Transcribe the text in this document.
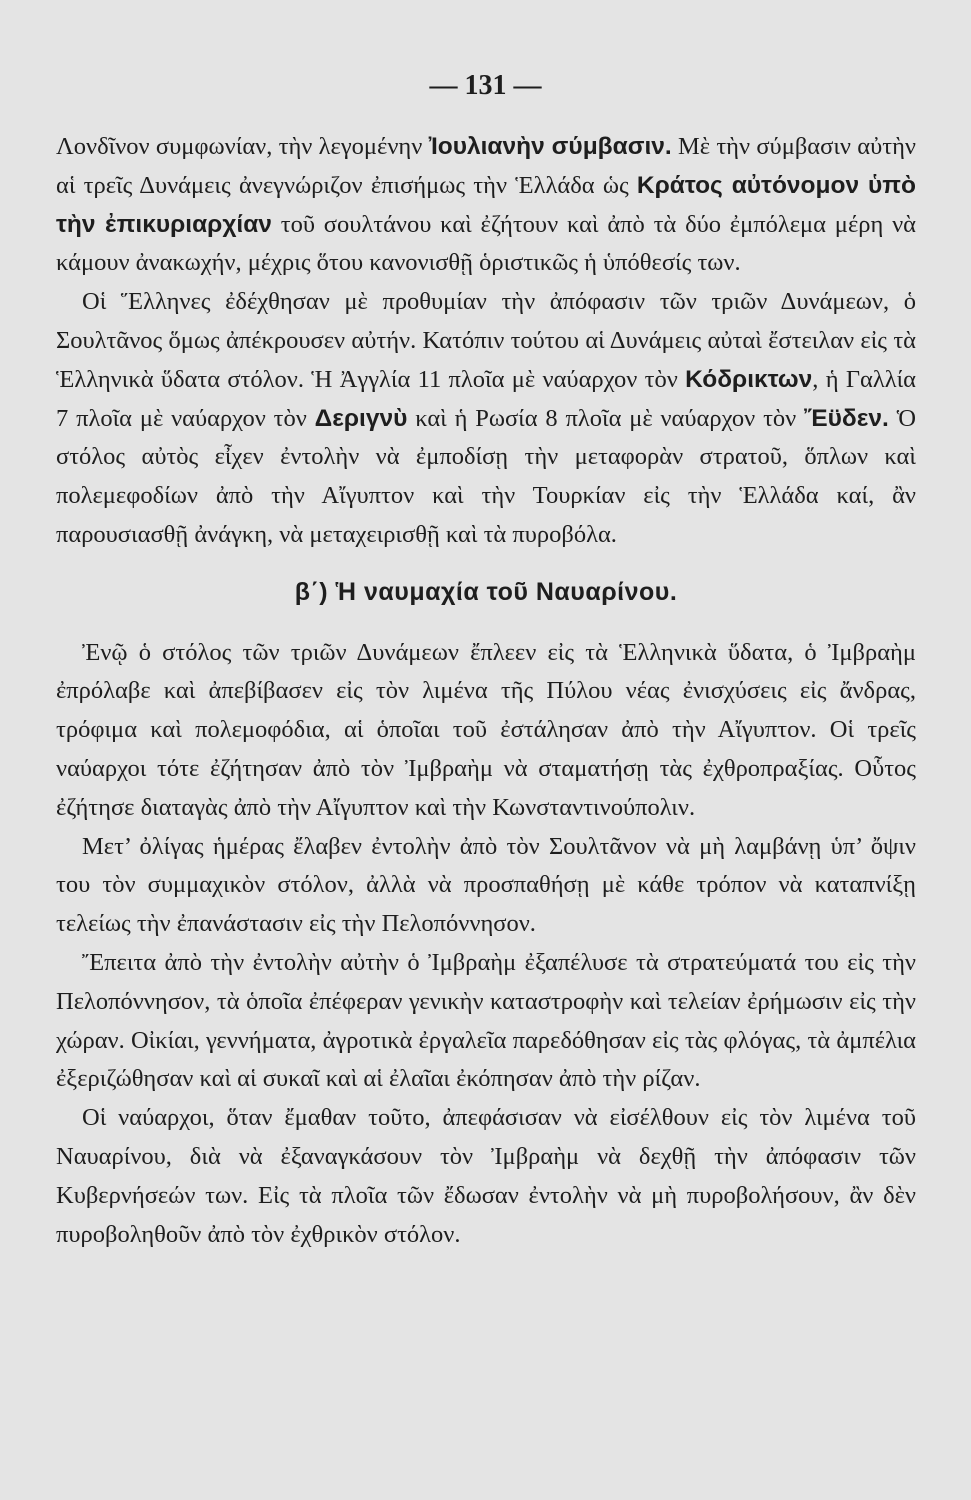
— 131 —

Λονδῖνον συμφωνίαν, τὴν λεγομένην Ἰουλιανὴν σύμβασιν. Μὲ τὴν σύμβασιν αὐτὴν αἱ τρεῖς Δυνάμεις ἀνεγνώριζον ἐπισήμως τὴν Ἑλλάδα ὡς Κράτος αὐτόνομον ὑπὸ τὴν ἐπικυριαρχίαν τοῦ σουλτάνου καὶ ἐζήτουν καὶ ἀπὸ τὰ δύο ἐμπόλεμα μέρη νὰ κάμουν ἀνακωχήν, μέχρις ὅτου κανονισθῇ ὁριστικῶς ἡ ὑπόθεσίς των.

Οἱ Ἕλληνες ἐδέχθησαν μὲ προθυμίαν τὴν ἀπόφασιν τῶν τριῶν Δυνάμεων, ὁ Σουλτᾶνος ὅμως ἀπέκρουσεν αὐτήν. Κατόπιν τούτου αἱ Δυνάμεις αὐταὶ ἔστειλαν εἰς τὰ Ἑλληνικὰ ὕδατα στόλον. Ἡ Ἀγγλία 11 πλοῖα μὲ ναύαρχον τὸν Κόδρικτων, ἡ Γαλλία 7 πλοῖα μὲ ναύαρχον τὸν Δεριγνὺ καὶ ἡ Ρωσία 8 πλοῖα μὲ ναύαρχον τὸν Ἔϋδεν. Ὁ στόλος αὐτὸς εἶχεν ἐντολὴν νὰ ἐμποδίσῃ τὴν μεταφορὰν στρατοῦ, ὅπλων καὶ πολεμεφοδίων ἀπὸ τὴν Αἴγυπτον καὶ τὴν Τουρκίαν εἰς τὴν Ἑλλάδα καί, ἂν παρουσιασθῇ ἀνάγκη, νὰ μεταχειρισθῇ καὶ τὰ πυροβόλα.

β΄) Ἡ ναυμαχία τοῦ Ναυαρίνου.

Ἐνῷ ὁ στόλος τῶν τριῶν Δυνάμεων ἔπλεεν εἰς τὰ Ἑλληνικὰ ὕδατα, ὁ Ἰμβραὴμ ἐπρόλαβε καὶ ἀπεβίβασεν εἰς τὸν λιμένα τῆς Πύλου νέας ἐνισχύσεις εἰς ἄνδρας, τρόφιμα καὶ πολεμοφόδια, αἱ ὁποῖαι τοῦ ἐστάλησαν ἀπὸ τὴν Αἴγυπτον. Οἱ τρεῖς ναύαρχοι τότε ἐζήτησαν ἀπὸ τὸν Ἰμβραὴμ νὰ σταματήσῃ τὰς ἐχθροπραξίας. Οὗτος ἐζήτησε διαταγὰς ἀπὸ τὴν Αἴγυπτον καὶ τὴν Κωνσταντινούπολιν.

Μετ’ ὀλίγας ἡμέρας ἔλαβεν ἐντολὴν ἀπὸ τὸν Σουλτᾶνον νὰ μὴ λαμβάνῃ ὑπ’ ὄψιν του τὸν συμμαχικὸν στόλον, ἀλλὰ νὰ προσπαθήσῃ μὲ κάθε τρόπον νὰ καταπνίξῃ τελείως τὴν ἐπανάστασιν εἰς τὴν Πελοπόννησον.

Ἔπειτα ἀπὸ τὴν ἐντολὴν αὐτὴν ὁ Ἰμβραὴμ ἐξαπέλυσε τὰ στρατεύματά του εἰς τὴν Πελοπόννησον, τὰ ὁποῖα ἐπέφεραν γενικὴν καταστροφὴν καὶ τελείαν ἐρήμωσιν εἰς τὴν χώραν. Οἰκίαι, γεννήματα, ἀγροτικὰ ἐργαλεῖα παρεδόθησαν εἰς τὰς φλόγας, τὰ ἀμπέλια ἐξεριζώθησαν καὶ αἱ συκαῖ καὶ αἱ ἐλαῖαι ἐκόπησαν ἀπὸ τὴν ρίζαν.

Οἱ ναύαρχοι, ὅταν ἔμαθαν τοῦτο, ἀπεφάσισαν νὰ εἰσέλθουν εἰς τὸν λιμένα τοῦ Ναυαρίνου, διὰ νὰ ἐξαναγκάσουν τὸν Ἰμβραὴμ νὰ δεχθῇ τὴν ἀπόφασιν τῶν Κυβερνήσεών των. Εἰς τὰ πλοῖα τῶν ἔδωσαν ἐντολὴν νὰ μὴ πυροβολήσουν, ἂν δὲν πυροβοληθοῦν ἀπὸ τὸν ἐχθρικὸν στόλον.
